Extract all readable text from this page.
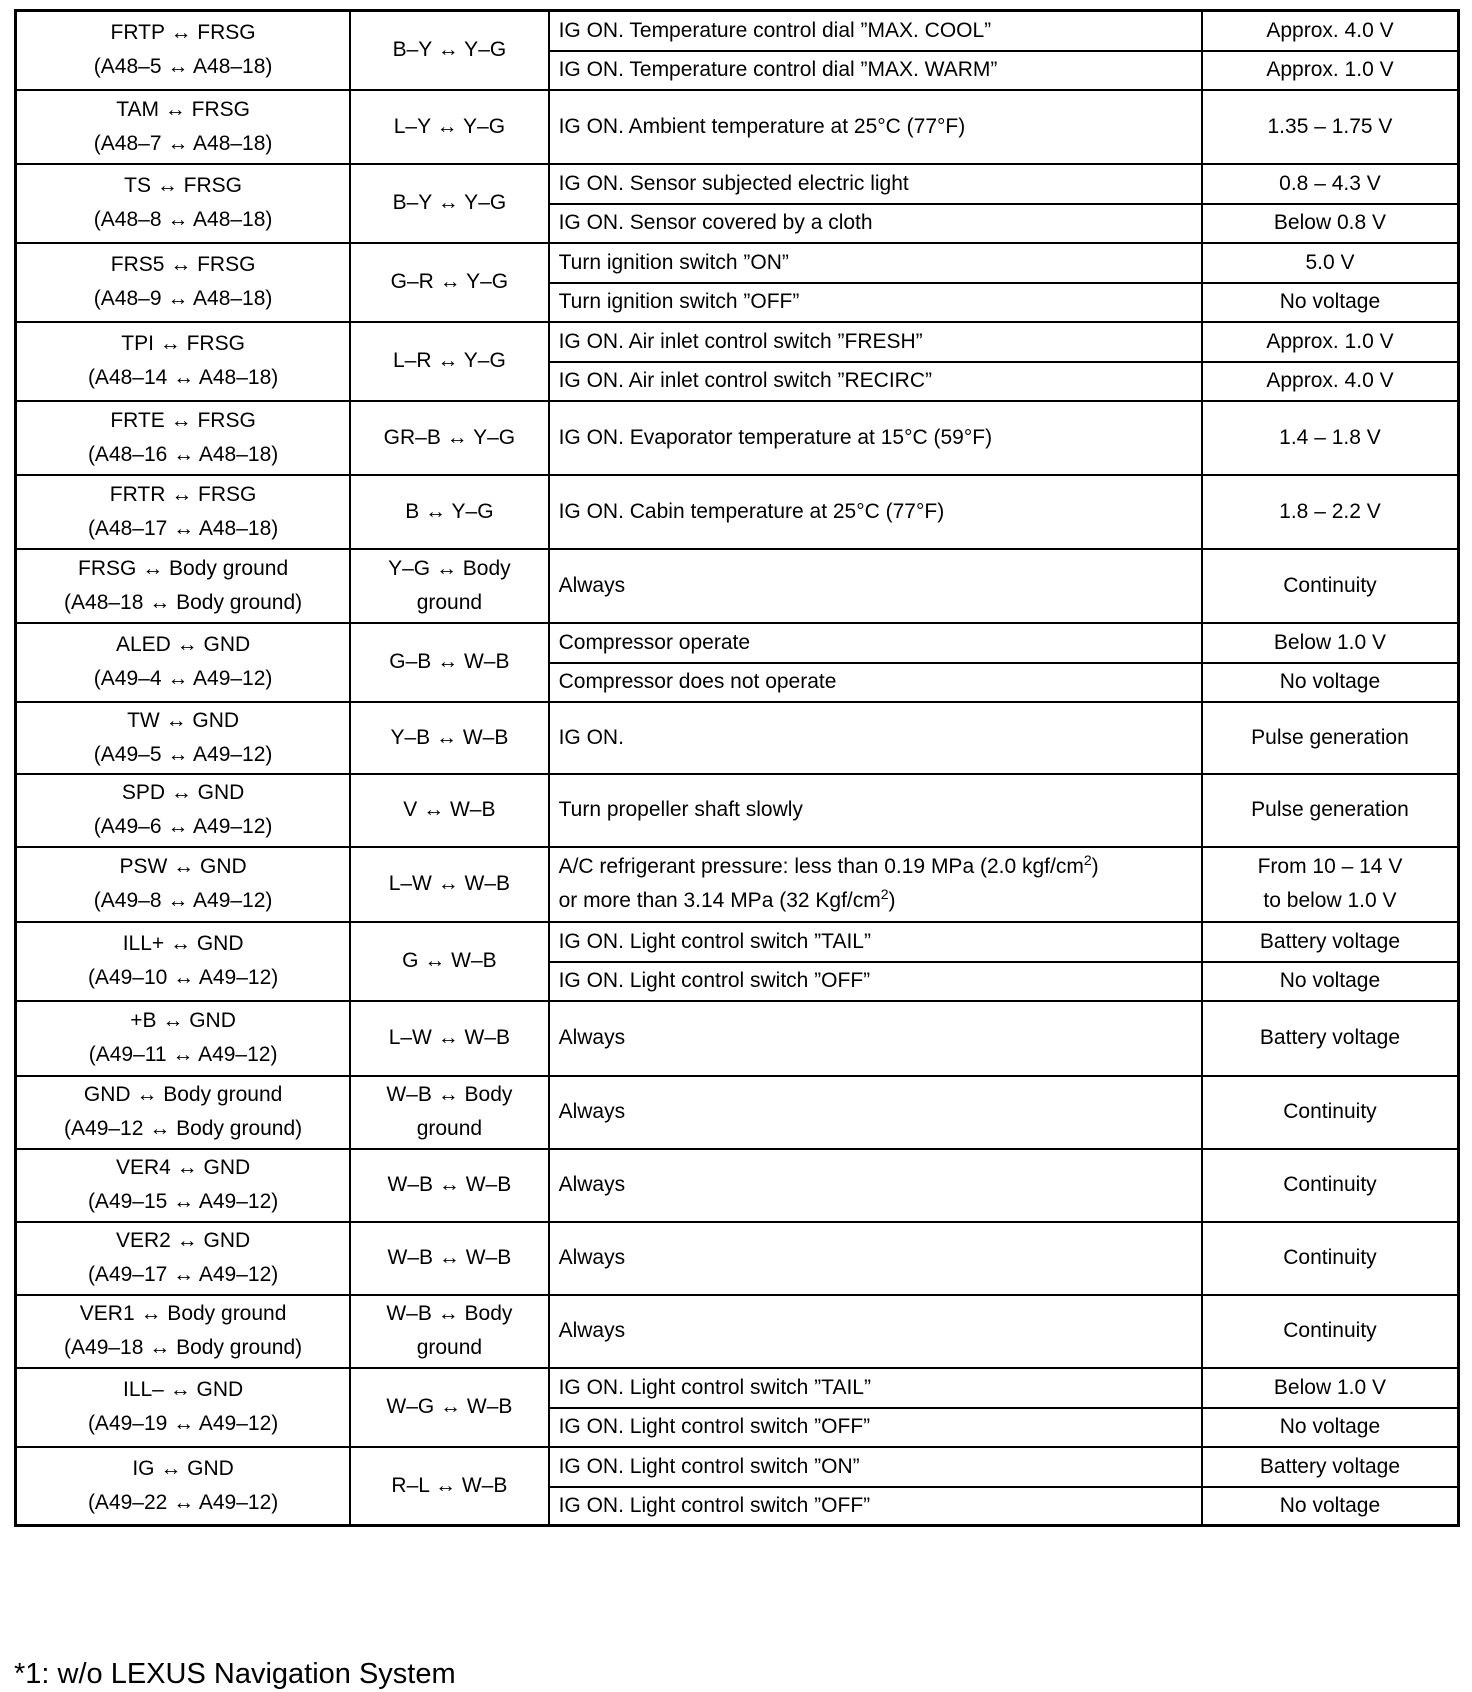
FRTP ↔ FRSG
(A48–5 ↔ A48–18)	B–Y ↔ Y–G	IG ON. Temperature control dial ”MAX. COOL”	Approx. 4.0 V

		IG ON. Temperature control dial ”MAX. WARM”	Approx. 1.0 V

TAM ↔ FRSG
(A48–7 ↔ A48–18)	L–Y ↔ Y–G	IG ON. Ambient temperature at 25°C (77°F)	1.35 – 1.75 V

TS ↔ FRSG
(A48–8 ↔ A48–18)	B–Y ↔ Y–G	IG ON. Sensor subjected electric light	0.8 – 4.3 V

		IG ON. Sensor covered by a cloth	Below 0.8 V

FRS5 ↔ FRSG
(A48–9 ↔ A48–18)	G–R ↔ Y–G	Turn ignition switch ”ON”	5.0 V

		Turn ignition switch ”OFF”	No voltage

TPI ↔ FRSG
(A48–14 ↔ A48–18)	L–R ↔ Y–G	IG ON. Air inlet control switch ”FRESH”	Approx. 1.0 V

		IG ON. Air inlet control switch ”RECIRC”	Approx. 4.0 V

FRTE ↔ FRSG
(A48–16 ↔ A48–18)	GR–B ↔ Y–G	IG ON. Evaporator temperature at 15°C (59°F)	1.4 – 1.8 V

FRTR ↔ FRSG
(A48–17 ↔ A48–18)	B ↔ Y–G	IG ON. Cabin temperature at 25°C (77°F)	1.8 – 2.2 V

FRSG ↔ Body ground
(A48–18 ↔ Body ground)	Y–G ↔ Body
ground	Always	Continuity

ALED ↔ GND
(A49–4 ↔ A49–12)	G–B ↔ W–B	Compressor operate	Below 1.0 V

		Compressor does not operate	No voltage

TW ↔ GND
(A49–5 ↔ A49–12)	Y–B ↔ W–B	IG ON.	Pulse generation

SPD ↔ GND
(A49–6 ↔ A49–12)	V ↔ W–B	Turn propeller shaft slowly	Pulse generation

PSW ↔ GND
(A49–8 ↔ A49–12)	L–W ↔ W–B	A/C refrigerant pressure: less than 0.19 MPa (2.0 kgf/$cm^2$)
or more than 3.14 MPa (32 Kgf/$cm^2$)	From 10 – 14 V
to below 1.0 V

ILL+ ↔ GND
(A49–10 ↔ A49–12)	G ↔ W–B	IG ON. Light control switch ”TAIL”	Battery voltage

		IG ON. Light control switch ”OFF”	No voltage

+B ↔ GND
(A49–11 ↔ A49–12)	L–W ↔ W–B	Always	Battery voltage

GND ↔ Body ground
(A49–12 ↔ Body ground)	W–B ↔ Body
ground	Always	Continuity

VER4 ↔ GND
(A49–15 ↔ A49–12)	W–B ↔ W–B	Always	Continuity

VER2 ↔ GND
(A49–17 ↔ A49–12)	W–B ↔ W–B	Always	Continuity

VER1 ↔ Body ground
(A49–18 ↔ Body ground)	W–B ↔ Body
ground	Always	Continuity

ILL– ↔ GND
(A49–19 ↔ A49–12)	W–G ↔ W–B	IG ON. Light control switch ”TAIL”	Below 1.0 V

		IG ON. Light control switch ”OFF”	No voltage

IG ↔ GND
(A49–22 ↔ A49–12)	R–L ↔ W–B	IG ON. Light control switch ”ON”	Battery voltage

		IG ON. Light control switch ”OFF”	No voltage
*1: w/o LEXUS Navigation System
